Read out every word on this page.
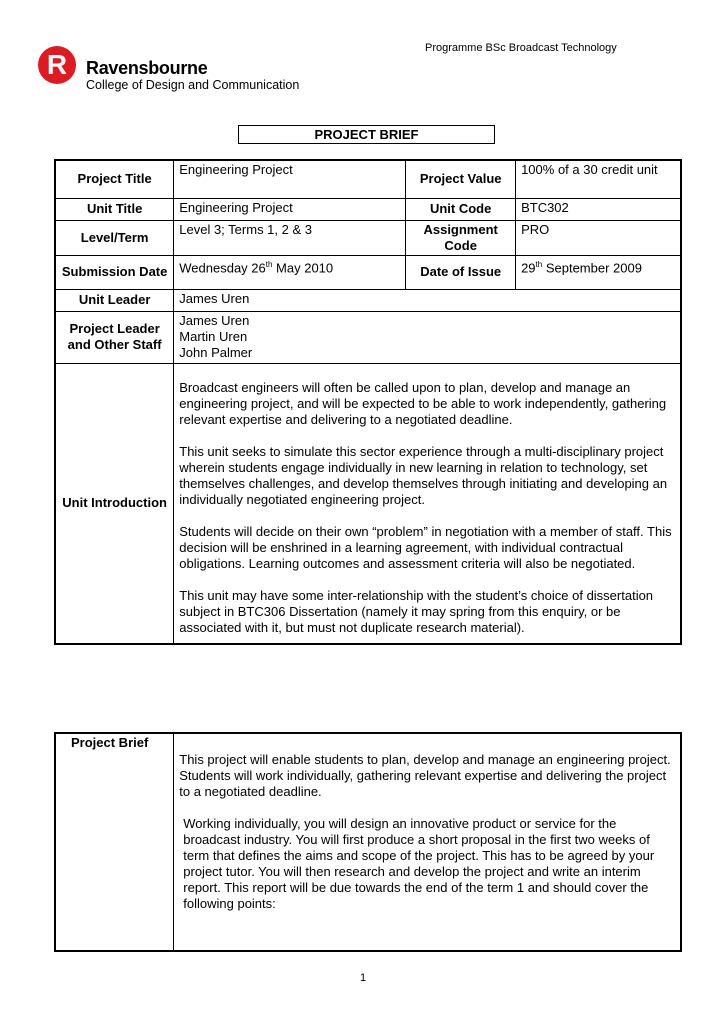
Programme BSc Broadcast Technology
R Ravensbourne
College of Design and Communication
PROJECT BRIEF
Project Title	Engineering Project	Project Value	100% of a 30 credit unit
Unit Title	Engineering Project	Unit Code	BTC302
Level/Term	Level 3; Terms 1, 2 & 3	Assignment Code	PRO
Submission Date	Wednesday 26th May 2010	Date of Issue	29th September 2009
Unit Leader	James Uren		
Project Leader and Other Staff	James Uren
Martin Uren
John Palmer		

Unit Introduction	Broadcast engineers will often be called upon to plan, develop and manage an engineering project, and will be expected to be able to work independently, gathering relevant expertise and delivering to a negotiated deadline.

This unit seeks to simulate this sector experience through a multi-disciplinary project wherein students engage individually in new learning in relation to technology, set themselves challenges, and develop themselves through initiating and developing an individually negotiated engineering project.

Students will decide on their own “problem” in negotiation with a member of staff. This decision will be enshrined in a learning agreement, with individual contractual obligations. Learning outcomes and assessment criteria will also be negotiated.

This unit may have some inter-relationship with the student’s choice of dissertation subject in BTC306 Dissertation (namely it may spring from this enquiry, or be associated with it, but must not duplicate research material).		

Project Brief	

This project will enable students to plan, develop and manage an engineering project. Students will work individually, gathering relevant expertise and delivering the project to a negotiated deadline.

Working individually, you will design an innovative product or service for the broadcast industry. You will first produce a short proposal in the first two weeks of term that defines the aims and scope of the project. This has to be agreed by your project tutor. You will then research and develop the project and write an interim report. This report will be due towards the end of the term 1 and should cover the following points:

1
